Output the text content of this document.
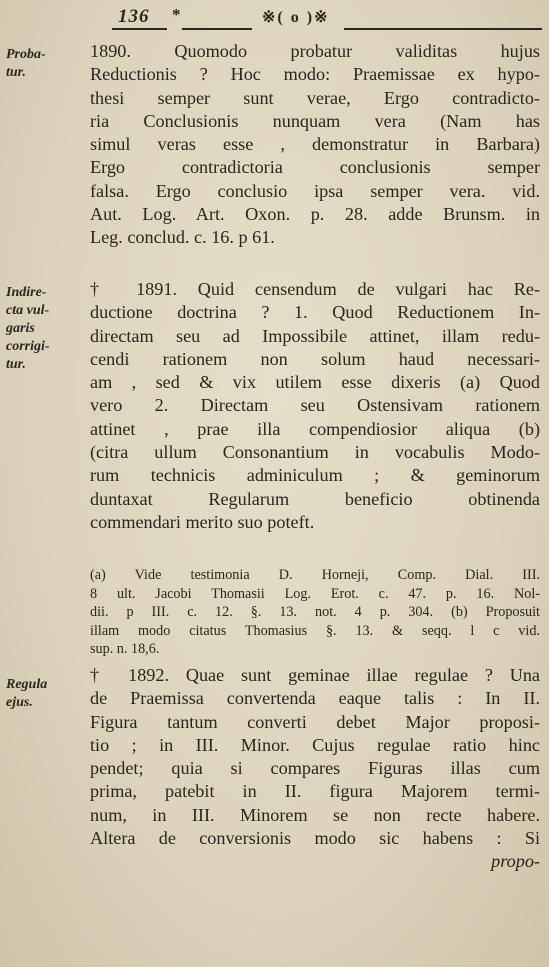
136 *	※( o )※
Proba-
tur.
Indire-
cta vul-
garis
corrigi-
tur.
Regula
ejus.
1890. Quomodo probatur validitas hujus
Reductionis ? Hoc modo: Praemissae ex hypo-
thesi semper sunt verae, Ergo contradicto-
ria Conclusionis nunquam vera (Nam has
simul veras esse , demonstratur in Barbara)
Ergo contradictoria conclusionis semper
falsa. Ergo conclusio ipsa semper vera. vid.
Aut. Log. Art. Oxon. p. 28. adde Brunsm. in
Leg. conclud. c. 16. p 61.
† 1891. Quid censendum de vulgari hac Re-
ductione doctrina ? 1. Quod Reductionem In-
directam seu ad Impossibile attinet, illam redu-
cendi rationem non solum haud necessari-
am , sed & vix utilem esse dixeris (a) Quod
vero 2. Directam seu Ostensivam rationem
attinet , prae illa compendiosior aliqua (b)
(citra ullum Consonantium in vocabulis Modo-
rum technicis adminiculum ; & geminorum
duntaxat Regularum beneficio obtinenda
commendari merito suo poteft.
(a) Vide testimonia D. Horneji, Comp. Dial. III.
8 ult. Jacobi Thomasii Log. Erot. c. 47. p. 16. Nol-
dii. p III. c. 12. §. 13. not. 4 p. 304. (b) Proposuit
illam modo citatus Thomasius §. 13. & seqq. l c vid.
sup. n. 18,6.
† 1892. Quae sunt geminae illae regulae ? Una
de Praemissa convertenda eaque talis : In II.
Figura tantum converti debet Major proposi-
tio ; in III. Minor. Cujus regulae ratio hinc
pendet; quia si compares Figuras illas cum
prima, patebit in II. figura Majorem termi-
num, in III. Minorem se non recte habere.
Altera de conversionis modo sic habens : Si
propo-
